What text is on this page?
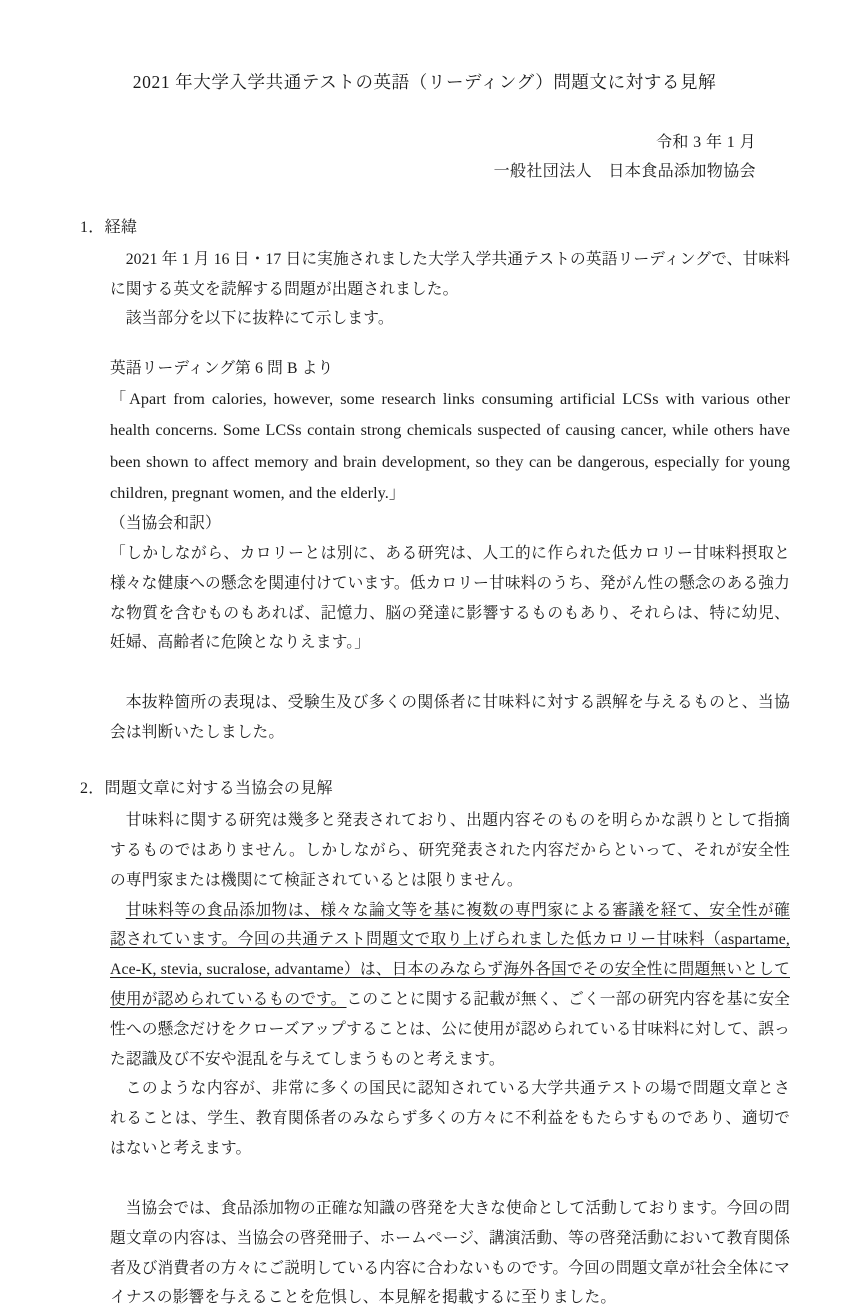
2021 年大学入学共通テストの英語（リーディング）問題文に対する見解
令和 3 年 1 月
一般社団法人　日本食品添加物協会
1．経緯

2021 年 1 月 16 日・17 日に実施されました大学入学共通テストの英語リーディングで、甘味料に関する英文を読解する問題が出題されました。

該当部分を以下に抜粋にて示します。

英語リーディング第 6 問 B より

「Apart from calories, however, some research links consuming artificial LCSs with various other health concerns. Some LCSs contain strong chemicals suspected of causing cancer, while others have been shown to affect memory and brain development, so they can be dangerous, especially for young children, pregnant women, and the elderly.」

（当協会和訳）

「しかしながら、カロリーとは別に、ある研究は、人工的に作られた低カロリー甘味料摂取と様々な健康への懸念を関連付けています。低カロリー甘味料のうち、発がん性の懸念のある強力な物質を含むものもあれば、記憶力、脳の発達に影響するものもあり、それらは、特に幼児、妊婦、高齢者に危険となりえます。」

本抜粋箇所の表現は、受験生及び多くの関係者に甘味料に対する誤解を与えるものと、当協会は判断いたしました。

2．問題文章に対する当協会の見解

甘味料に関する研究は幾多と発表されており、出題内容そのものを明らかな誤りとして指摘するものではありません。しかしながら、研究発表された内容だからといって、それが安全性の専門家または機関にて検証されているとは限りません。

甘味料等の食品添加物は、様々な論文等を基に複数の専門家による審議を経て、安全性が確認されています。今回の共通テスト問題文で取り上げられました低カロリー甘味料（aspartame, Ace-K, stevia, sucralose, advantame）は、日本のみならず海外各国でその安全性に問題無いとして使用が認められているものです。このことに関する記載が無く、ごく一部の研究内容を基に安全性への懸念だけをクローズアップすることは、公に使用が認められている甘味料に対して、誤った認識及び不安や混乱を与えてしまうものと考えます。

このような内容が、非常に多くの国民に認知されている大学共通テストの場で問題文章とされることは、学生、教育関係者のみならず多くの方々に不利益をもたらすものであり、適切ではないと考えます。

当協会では、食品添加物の正確な知識の啓発を大きな使命として活動しております。今回の問題文章の内容は、当協会の啓発冊子、ホームページ、講演活動、等の啓発活動において教育関係者及び消費者の方々にご説明している内容に合わないものです。今回の問題文章が社会全体にマイナスの影響を与えることを危惧し、本見解を掲載するに至りました。
